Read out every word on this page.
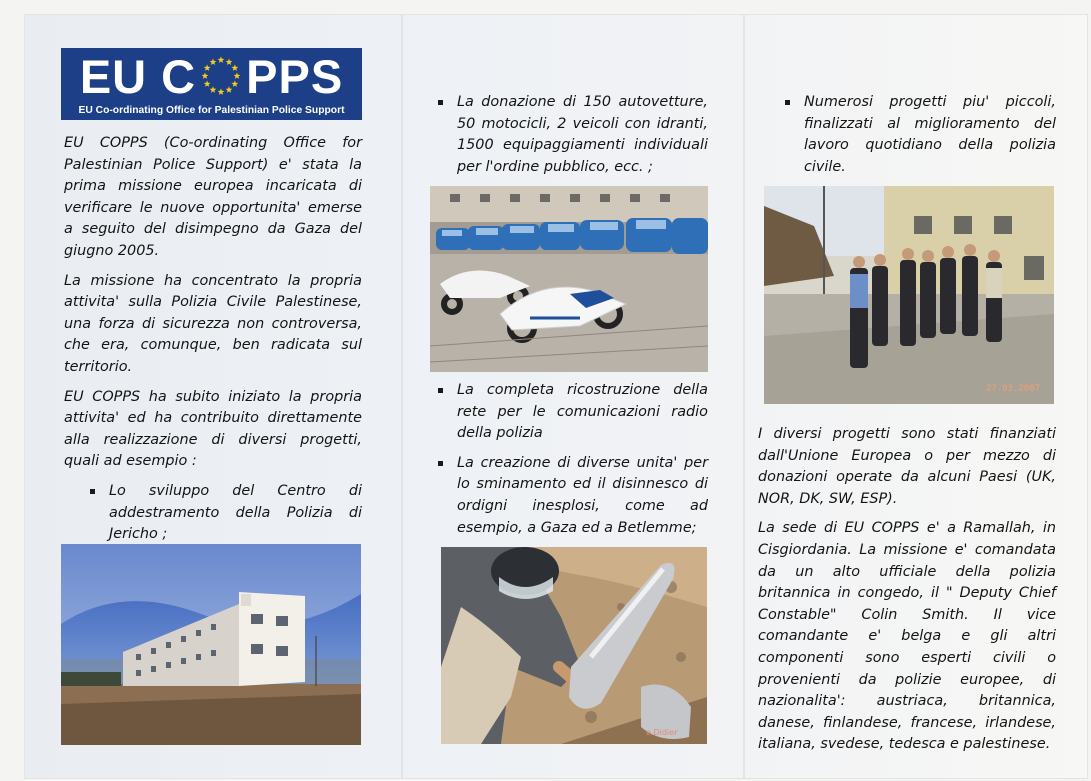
EU C PPS
EU Co-ordinating Office for Palestinian Police Support

EU COPPS (Co-ordinating Office for Palestinian Police Support) e' stata la prima missione europea incaricata di verificare le nuove opportunita' emerse a seguito del disimpegno da Gaza del giugno 2005.

La missione ha concentrato la propria attivita' sulla Polizia Civile Palestinese, una forza di sicurezza non controversa, che era, comunque, ben radicata sul territorio.

EU COPPS ha subito iniziato la propria attivita' ed ha contribuito direttamente alla realizzazione di diversi progetti, quali ad esempio :

Lo sviluppo del Centro di addestramento della Polizia di Jericho ;
La donazione di 150 autovetture, 50 motocicli, 2 veicoli con idranti, 1500 equipaggiamenti individuali per l'ordine pubblico, ecc. ;
La completa ricostruzione della rete per le comunicazioni radio della polizia
La creazione di diverse unita' per lo sminamento ed il disinnesco di ordigni inesplosi, come ad esempio, a Gaza ed a Betlemme;
e.Didier
Numerosi progetti piu' piccoli, finalizzati al miglioramento del lavoro quotidiano della polizia civile.
27.03.2007

I diversi progetti sono stati finanziati dall'Unione Europea o per mezzo di donazioni operate da alcuni Paesi (UK, NOR, DK, SW, ESP).

La sede di EU COPPS e' a Ramallah, in Cisgiordania. La missione e' comandata da un alto ufficiale della polizia britannica in congedo, il " Deputy Chief Constable" Colin Smith. Il vice comandante e' belga e gli altri componenti sono esperti civili o provenienti da polizie europee, di nazionalita': austriaca, britannica, danese, finlandese, francese, irlandese, italiana, svedese, tedesca e palestinese.
